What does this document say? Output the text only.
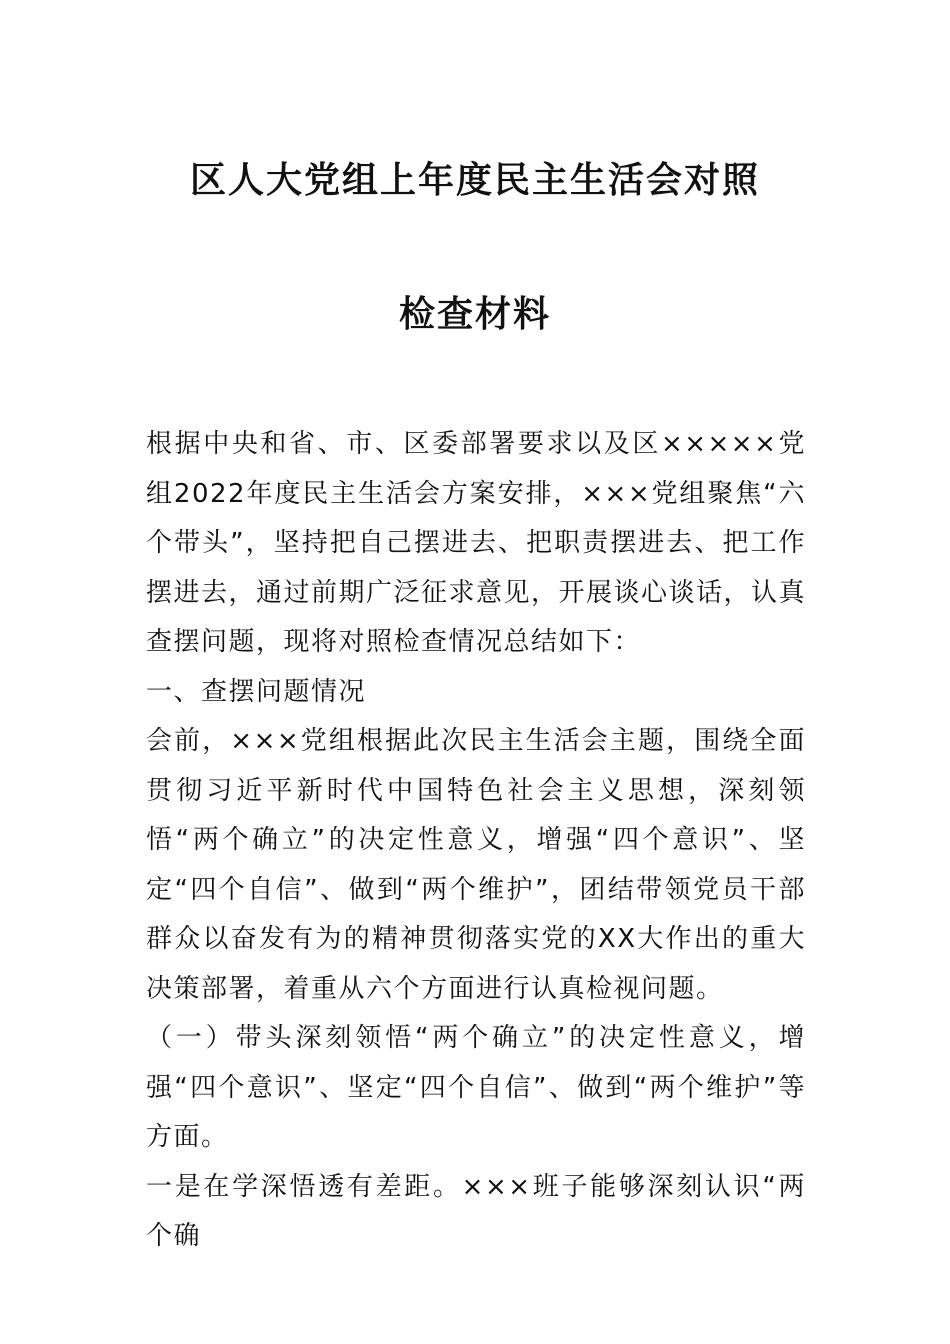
区人大党组上年度民主生活会对照
检查材料

根据中央和省、市、区委部署要求以及区×××××党组2022年度民主生活会方案安排，×××党组聚焦“六个带头”，坚持把自己摆进去、把职责摆进去、把工作摆进去，通过前期广泛征求意见，开展谈心谈话，认真查摆问题，现将对照检查情况总结如下：

一、查摆问题情况

会前，×××党组根据此次民主生活会主题，围绕全面贯彻习近平新时代中国特色社会主义思想，深刻领悟“两个确立”的决定性意义，增强“四个意识”、坚定“四个自信”、做到“两个维护”，团结带领党员干部群众以奋发有为的精神贯彻落实党的XX大作出的重大决策部署，着重从六个方面进行认真检视问题。

（一）带头深刻领悟“两个确立”的决定性意义，增强“四个意识”、坚定“四个自信”、做到“两个维护”等方面。

一是在学深悟透有差距。×××班子能够深刻认识“两个确
